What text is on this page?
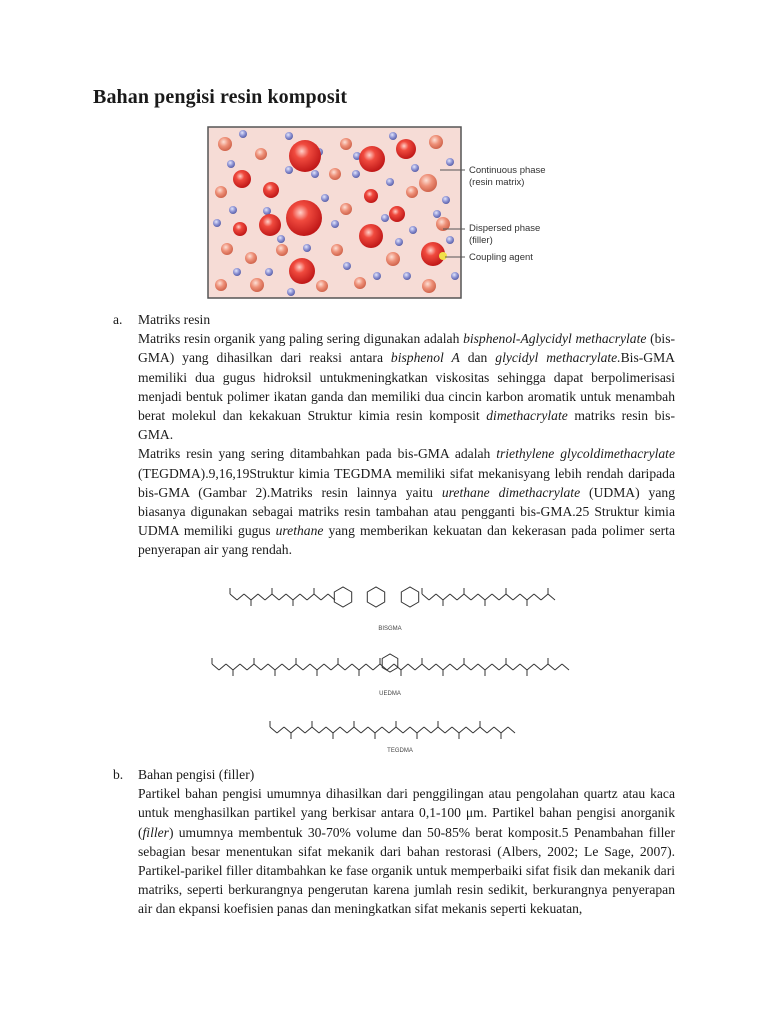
Bahan pengisi resin komposit
Continuous phase
(resin matrix)
Dispersed phase
(filler)
Coupling agent
a.	Matriks resin

Matriks resin organik yang paling sering digunakan adalah bisphenol-Aglycidyl methacrylate (bis-GMA) yang dihasilkan dari reaksi antara bisphenol A dan glycidyl methacrylate.Bis-GMA memiliki dua gugus hidroksil untukmeningkatkan viskositas sehingga dapat berpolimerisasi menjadi bentuk polimer ikatan ganda dan memiliki dua cincin karbon aromatik untuk menambah berat molekul dan kekakuan Struktur kimia resin komposit dimethacrylate matriks resin bis-GMA.

Matriks resin yang sering ditambahkan pada bis-GMA adalah triethylene glycoldimethacrylate (TEGDMA).9,16,19Struktur kimia TEGDMA memiliki sifat mekanisyang lebih rendah daripada bis-GMA (Gambar 2).Matriks resin lainnya yaitu urethane dimethacrylate (UDMA) yang biasanya digunakan sebagai matriks resin tambahan atau pengganti bis-GMA.25 Struktur kimia UDMA memiliki gugus urethane yang memberikan kekuatan dan kekerasan pada polimer serta penyerapan air yang rendah.

BISGMA
UEDMA
TEGDMA
b.	Bahan pengisi (filler)

Partikel bahan pengisi umumnya dihasilkan dari penggilingan atau pengolahan quartz atau kaca untuk menghasilkan partikel yang berkisar antara 0,1-100 μm. Partikel bahan pengisi anorganik (filler) umumnya membentuk 30-70% volume dan 50-85% berat komposit.5 Penambahan filler sebagian besar menentukan sifat mekanik dari bahan restorasi (Albers, 2002; Le Sage, 2007). Partikel-parikel filler ditambahkan ke fase organik untuk memperbaiki sifat fisik dan mekanik dari matriks, seperti berkurangnya pengerutan karena jumlah resin sedikit, berkurangnya penyerapan air dan ekpansi koefisien panas dan meningkatkan sifat mekanis seperti kekuatan,
